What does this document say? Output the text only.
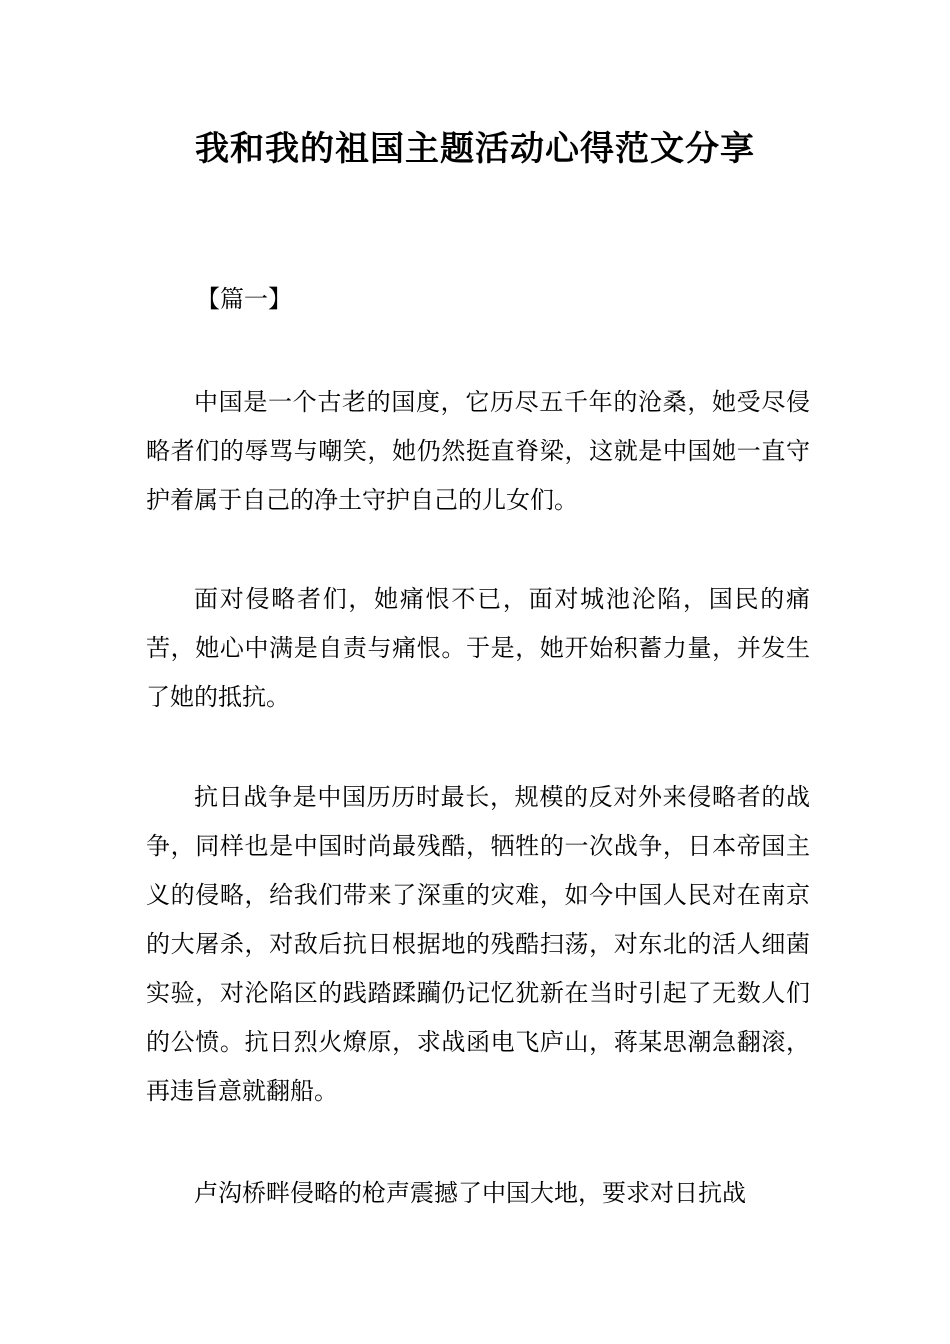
我和我的祖国主题活动心得范文分享
【篇一】

中国是一个古老的国度，它历尽五千年的沧桑，她受尽侵略者们的辱骂与嘲笑，她仍然挺直脊梁，这就是中国她一直守护着属于自己的净土守护自己的儿女们。

面对侵略者们，她痛恨不已，面对城池沦陷，国民的痛苦，她心中满是自责与痛恨。于是，她开始积蓄力量，并发生了她的抵抗。

抗日战争是中国历历时最长，规模的反对外来侵略者的战争，同样也是中国时尚最残酷，牺牲的一次战争，日本帝国主义的侵略，给我们带来了深重的灾难，如今中国人民对在南京的大屠杀，对敌后抗日根据地的残酷扫荡，对东北的活人细菌实验，对沦陷区的践踏蹂躏仍记忆犹新在当时引起了无数人们的公愤。抗日烈火燎原，求战函电飞庐山，蒋某思潮急翻滚，再违旨意就翻船。

卢沟桥畔侵略的枪声震撼了中国大地，要求对日抗战
